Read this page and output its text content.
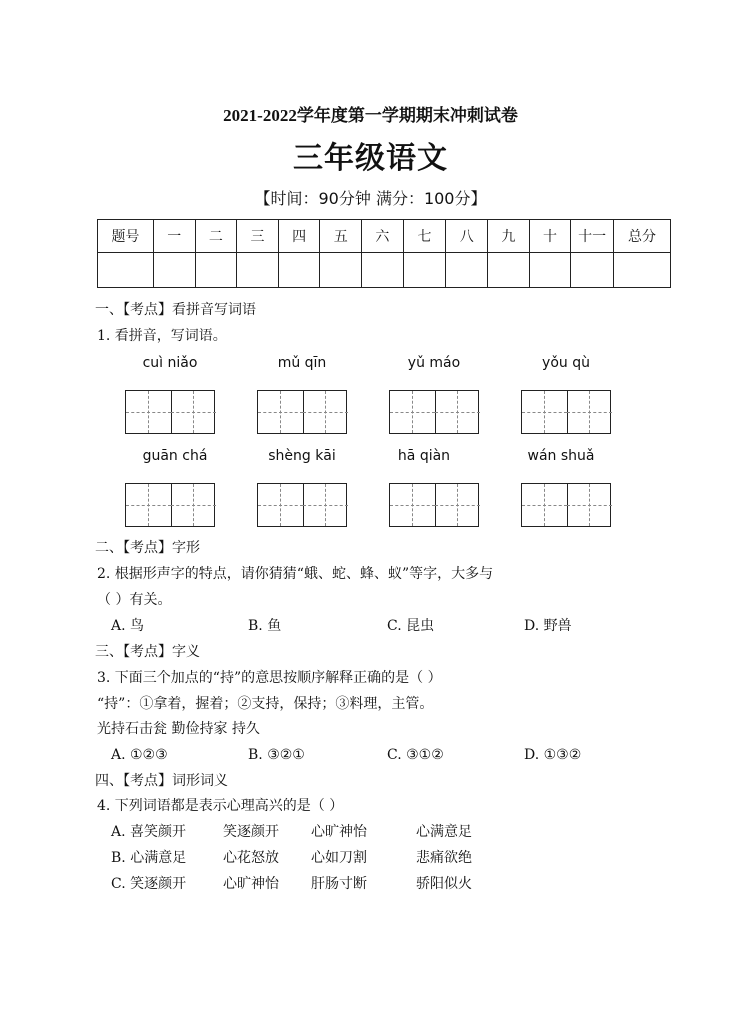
2021-2022学年度第一学期期末冲刺试卷
三年级语文
【时间：90分钟 满分：100分】
题号	一	二	三	四	五	六	七	八	九	十	十一	总分

一、【考点】看拼音写词语
1. 看拼音，写词语。
cuì niǎo	mǔ qīn	yǔ máo	yǒu qù
guān chá	shèng kāi	hā qiàn	wán shuǎ
二、【考点】字形
2. 根据形声字的特点，请你猜猜“蛾、蛇、蜂、蚁”等字，大多与
（ ）有关。
A. 鸟	B. 鱼	C. 昆虫	D. 野兽
三、【考点】字义
3. 下面三个加点的“持”的意思按顺序解释正确的是（ ）
“持”：①拿着，握着；②支持，保持；③料理，主管。
光持石击瓮 勤俭持家 持久
A. ①②③	B. ③②①	C. ③①②	D. ①③②
四、【考点】词形词义
4. 下列词语都是表示心理高兴的是（ ）
A. 喜笑颜开	笑逐颜开 心旷神怡	心满意足
B. 心满意足	心花怒放 心如刀割	悲痛欲绝
C. 笑逐颜开	心旷神怡 肝肠寸断	骄阳似火
